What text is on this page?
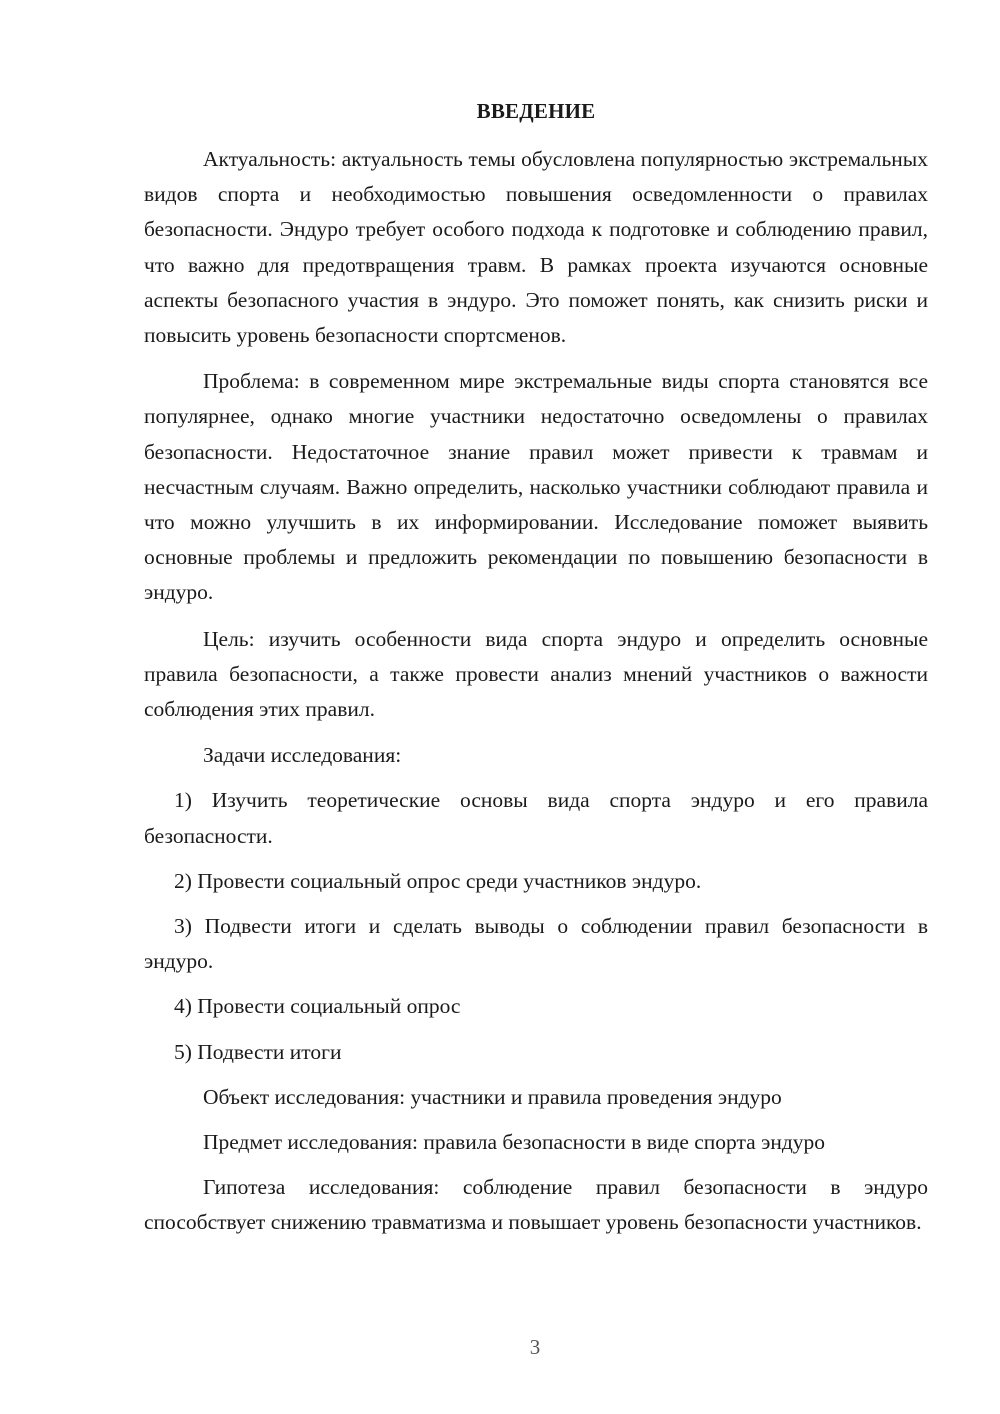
ВВЕДЕНИЕ

Актуальность: актуальность темы обусловлена популярностью экстремальных видов спорта и необходимостью повышения осведомленности о правилах безопасности. Эндуро требует особого подхода к подготовке и соблюдению правил, что важно для предотвращения травм. В рамках проекта изучаются основные аспекты безопасного участия в эндуро. Это поможет понять, как снизить риски и повысить уровень безопасности спортсменов.

Проблема: в современном мире экстремальные виды спорта становятся все популярнее, однако многие участники недостаточно осведомлены о правилах безопасности. Недостаточное знание правил может привести к травмам и несчастным случаям. Важно определить, насколько участники соблюдают правила и что можно улучшить в их информировании. Исследование поможет выявить основные проблемы и предложить рекомендации по повышению безопасности в эндуро.

Цель: изучить особенности вида спорта эндуро и определить основные правила безопасности, а также провести анализ мнений участников о важности соблюдения этих правил.

Задачи исследования:

1) Изучить теоретические основы вида спорта эндуро и его правила безопасности.

2) Провести социальный опрос среди участников эндуро.

3) Подвести итоги и сделать выводы о соблюдении правил безопасности в эндуро.

4) Провести социальный опрос

5) Подвести итоги

Объект исследования: участники и правила проведения эндуро

Предмет исследования: правила безопасности в виде спорта эндуро

Гипотеза исследования: соблюдение правил безопасности в эндуро способствует снижению травматизма и повышает уровень безопасности участников.

3
